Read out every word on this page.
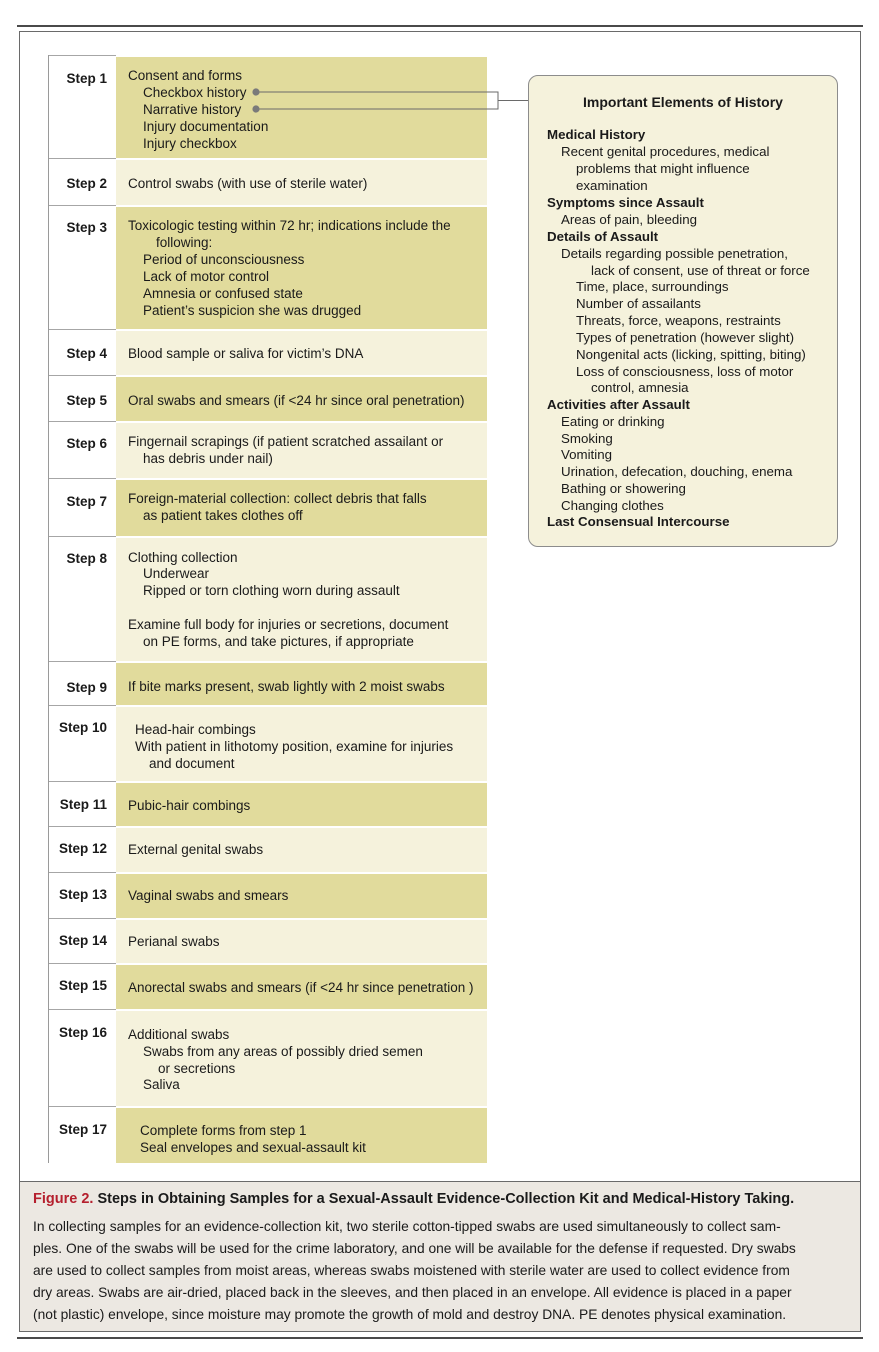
Step 1 Consent and forms
Checkbox history
Narrative history
Injury documentation
Injury checkbox
Step 2 Control swabs (with use of sterile water)
Step 3 Toxicologic testing within 72 hr; indications include the
following:
Period of unconsciousness
Lack of motor control
Amnesia or confused state
Patient’s suspicion she was drugged
Step 4 Blood sample or saliva for victim’s DNA
Step 5 Oral swabs and smears (if <24 hr since oral penetration)
Step 6 Fingernail scrapings (if patient scratched assailant or
has debris under nail)
Step 7 Foreign-material collection: collect debris that falls
as patient takes clothes off
Step 8 Clothing collection
Underwear
Ripped or torn clothing worn during assault
Examine full body for injuries or secretions, document
on PE forms, and take pictures, if appropriate
Step 9 If bite marks present, swab lightly with 2 moist swabs
Step 10 Head-hair combings
With patient in lithotomy position, examine for injuries
and document
Step 11 Pubic-hair combings
Step 12 External genital swabs
Step 13 Vaginal swabs and smears
Step 14 Perianal swabs
Step 15 Anorectal swabs and smears (if <24 hr since penetration )
Step 16 Additional swabs
Swabs from any areas of possibly dried semen
or secretions
Saliva
Step 17 Complete forms from step 1
Seal envelopes and sexual-assault kit
Important Elements of History
Medical History
Recent genital procedures, medical
problems that might influence
examination
Symptoms since Assault
Areas of pain, bleeding
Details of Assault
Details regarding possible penetration,
lack of consent, use of threat or force
Time, place, surroundings
Number of assailants
Threats, force, weapons, restraints
Types of penetration (however slight)
Nongenital acts (licking, spitting, biting)
Loss of consciousness, loss of motor
control, amnesia
Activities after Assault
Eating or drinking
Smoking
Vomiting
Urination, defecation, douching, enema
Bathing or showering
Changing clothes
Last Consensual Intercourse
Figure 2. Steps in Obtaining Samples for a Sexual-Assault Evidence-Collection Kit and Medical-History Taking.
In collecting samples for an evidence-collection kit, two sterile cotton-tipped swabs are used simultaneously to collect sam-
ples. One of the swabs will be used for the crime laboratory, and one will be available for the defense if requested. Dry swabs
are used to collect samples from moist areas, whereas swabs moistened with sterile water are used to collect evidence from
dry areas. Swabs are air-dried, placed back in the sleeves, and then placed in an envelope. All evidence is placed in a paper
(not plastic) envelope, since moisture may promote the growth of mold and destroy DNA. PE denotes physical examination.
